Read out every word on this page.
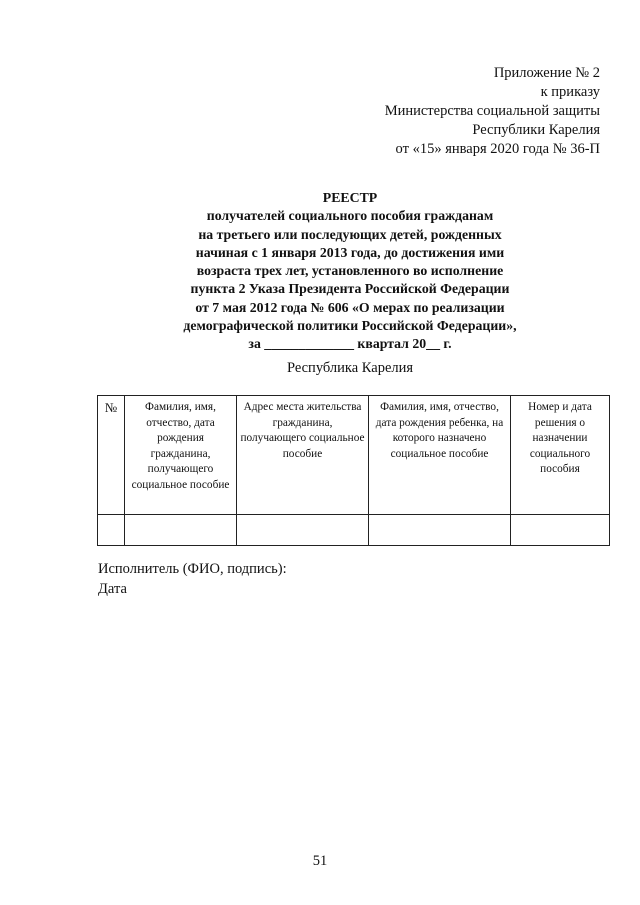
Приложение № 2
к приказу
Министерства социальной защиты
Республики Карелия
от «15» января 2020 года № 36-П
РЕЕСТР
получателей социального пособия гражданам
на третьего или последующих детей, рожденных
начиная с 1 января 2013 года, до достижения ими
возраста трех лет, установленного во исполнение
пункта 2 Указа Президента Российской Федерации
от 7 мая 2012 года № 606 «О мерах по реализации
демографической политики Российской Федерации»,
за _____________ квартал 20__ г.
Республика Карелия
№	Фамилия, имя, отчество, дата рождения гражданина, получающего социальное пособие	Адрес места жительства гражданина, получающего социальное пособие	Фамилия, имя, отчество, дата рождения ребенка, на которого назначено социальное пособие	Номер и дата решения о назначении социального пособия

Исполнитель (ФИО, подпись):
Дата
51
